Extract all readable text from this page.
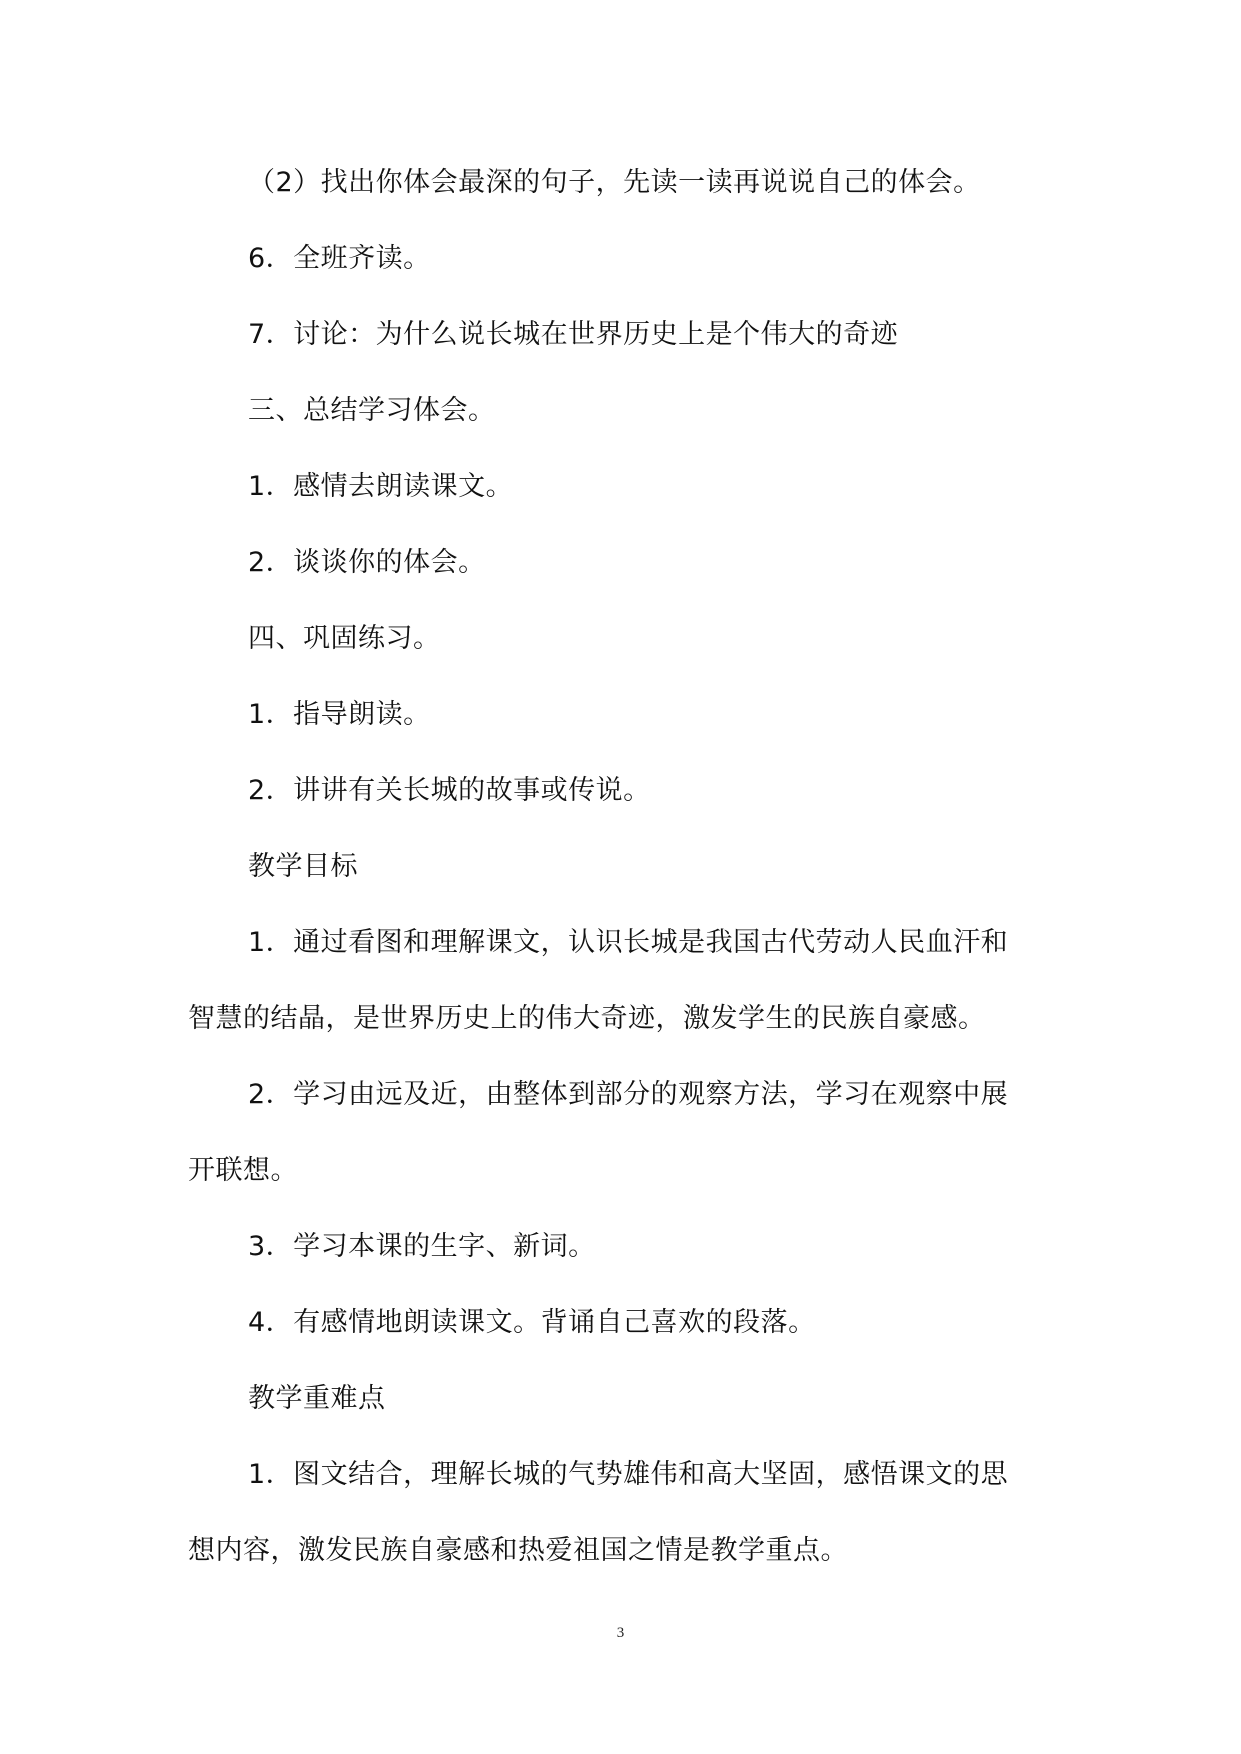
（2）找出你体会最深的句子，先读一读再说说自己的体会。
6．全班齐读。
7．讨论：为什么说长城在世界历史上是个伟大的奇迹
三、总结学习体会。
1．感情去朗读课文。
2．谈谈你的体会。
四、巩固练习。
1．指导朗读。
2．讲讲有关长城的故事或传说。
教学目标
1．通过看图和理解课文，认识长城是我国古代劳动人民血汗和
智慧的结晶，是世界历史上的伟大奇迹，激发学生的民族自豪感。
2．学习由远及近，由整体到部分的观察方法，学习在观察中展
开联想。
3．学习本课的生字、新词。
4．有感情地朗读课文。背诵自己喜欢的段落。
教学重难点
1．图文结合，理解长城的气势雄伟和高大坚固，感悟课文的思
想内容，激发民族自豪感和热爱祖国之情是教学重点。
3
